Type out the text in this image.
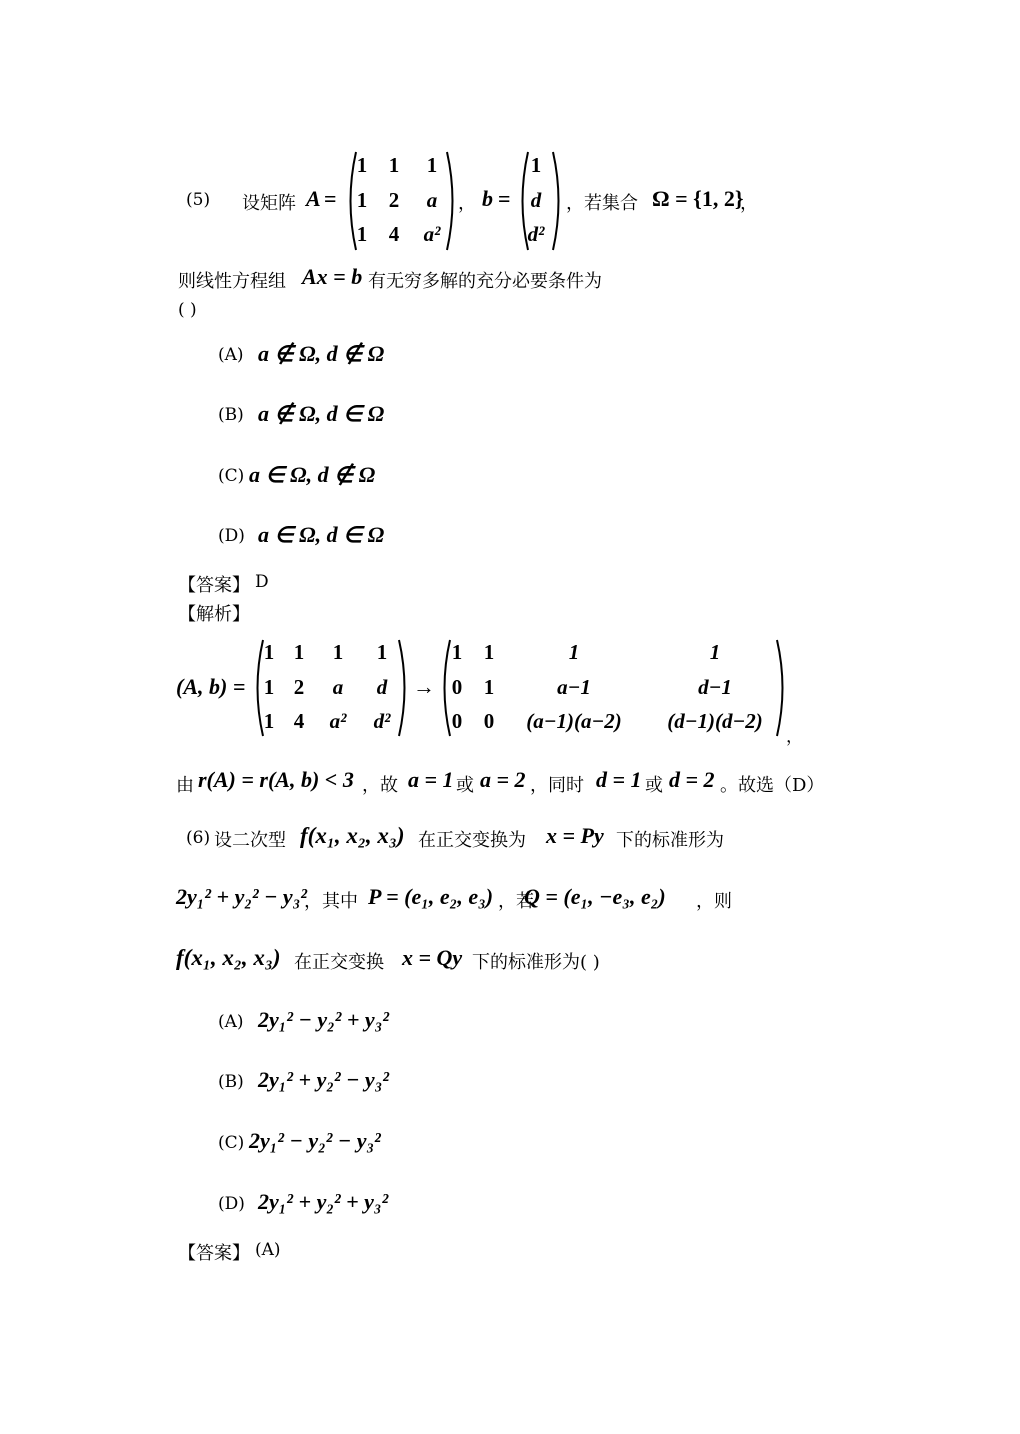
(5) 设矩阵 A =
1	1	1
1	2	a
1	4	a²
， b =
1
d
d²
，若集合 Ω = {1, 2}
，
则线性方程组 Ax = b 有无穷多解的充分必要条件为
( )
(A) a ∉ Ω, d ∉ Ω
(B) a ∉ Ω, d ∈ Ω
(C) a ∈ Ω, d ∉ Ω
(D) a ∈ Ω, d ∈ Ω
【答案】 D
【解析】
(A, b) =
1 1	1	1
1 2	a	d
1 4	a²	d²
→
1 1	1	1
0 1	a−1	d−1
0 0	(a−1)(a−2)	(d−1)(d−2)
，
由 r(A) = r(A, b) < 3 ，故 a = 1 或 a = 2 ，同时 d = 1 或 d = 2 。故选（D）
(6) 设二次型 f(x₁, x₂, x₃) 在正交变换为 x = Py 下的标准形为
2y₁² + y₂² − y₃²
，其中 P = (e₁, e₂, e₃) ，若
Q = (e₁, −e₃, e₂) ，则
f(x₁, x₂, x₃) 在正交变换 x = Qy 下的标准形为( )
(A) 2y₁² − y₂² + y₃²
(B) 2y₁² + y₂² − y₃²
(C) 2y₁² − y₂² − y₃²
(D) 2y₁² + y₂² + y₃²
【答案】 (A)
